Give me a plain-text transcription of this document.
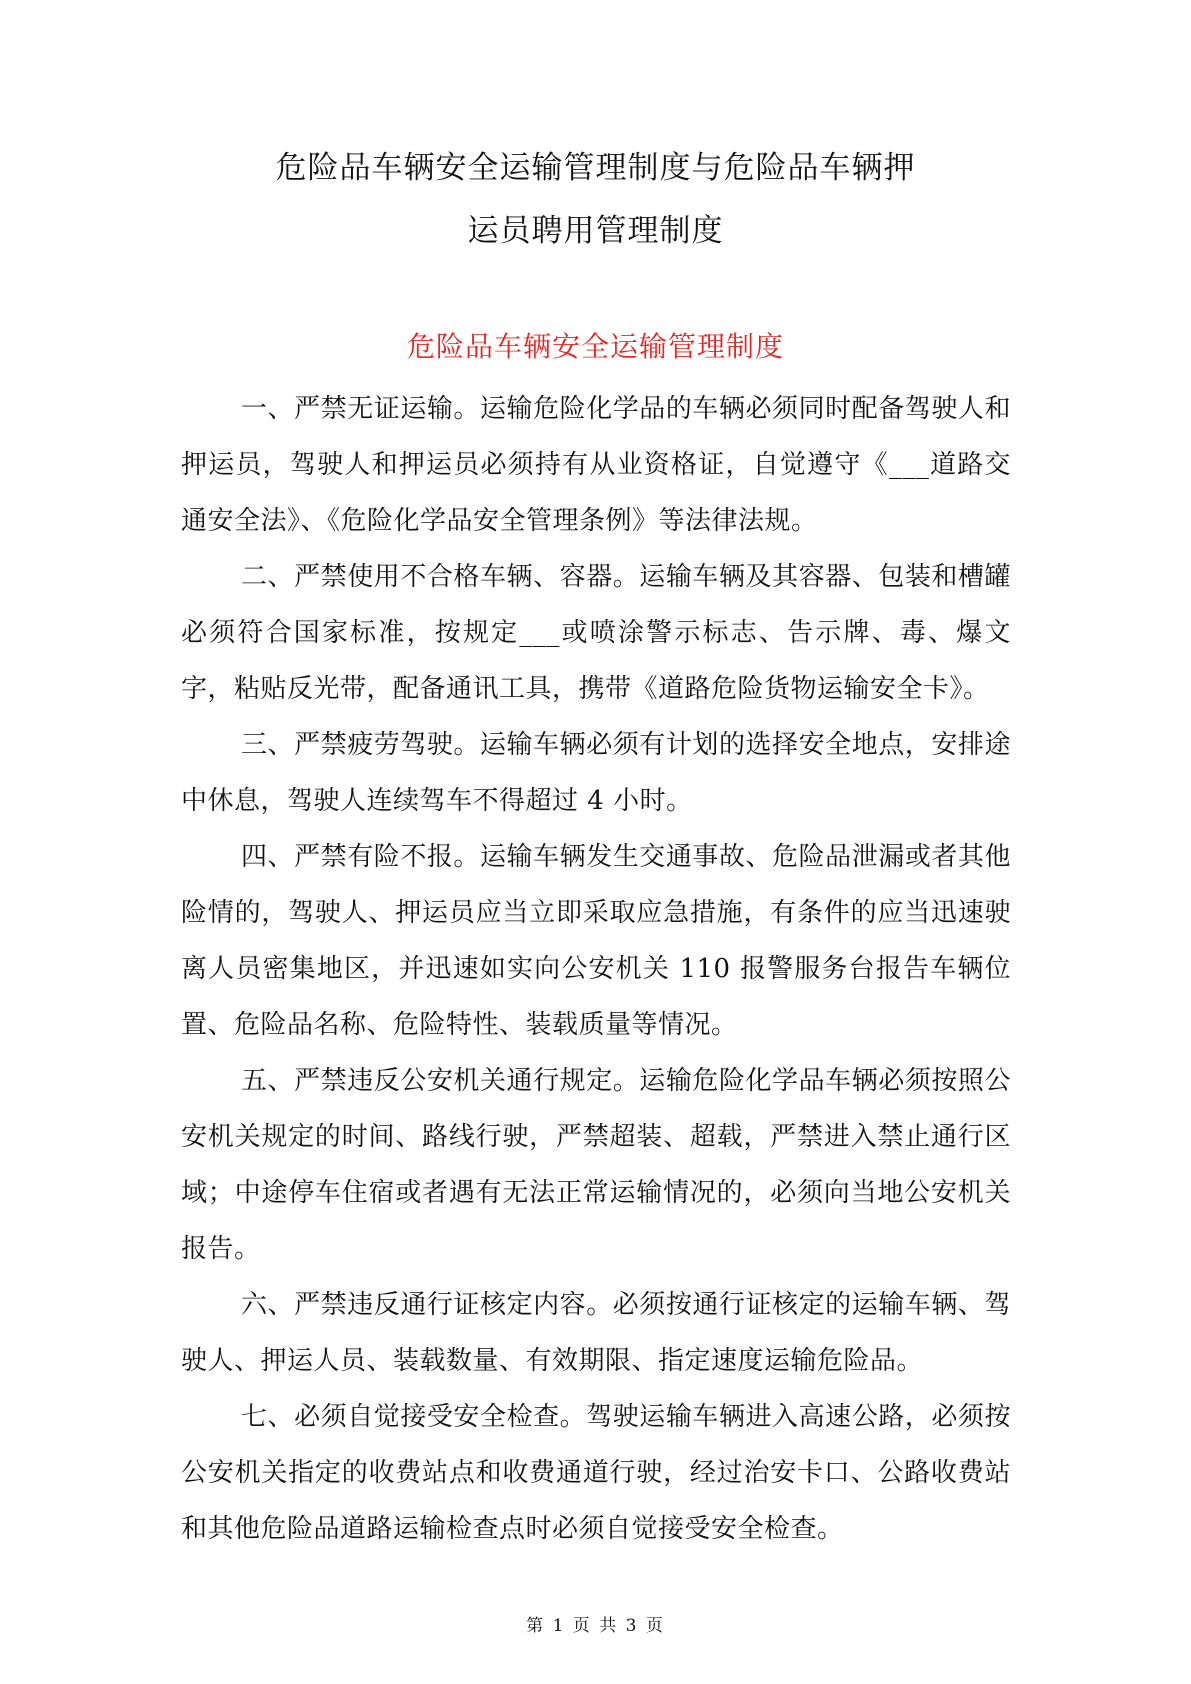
危险品车辆安全运输管理制度与危险品车辆押
运员聘用管理制度
危险品车辆安全运输管理制度

一、严禁无证运输。运输危险化学品的车辆必须同时配备驾驶人和押运员，驾驶人和押运员必须持有从业资格证，自觉遵守《___道路交通安全法》、《危险化学品安全管理条例》等法律法规。

二、严禁使用不合格车辆、容器。运输车辆及其容器、包装和槽罐必须符合国家标准，按规定___或喷涂警示标志、告示牌、毒、爆文字，粘贴反光带，配备通讯工具，携带《道路危险货物运输安全卡》。

三、严禁疲劳驾驶。运输车辆必须有计划的选择安全地点，安排途中休息，驾驶人连续驾车不得超过 4 小时。

四、严禁有险不报。运输车辆发生交通事故、危险品泄漏或者其他险情的，驾驶人、押运员应当立即采取应急措施，有条件的应当迅速驶离人员密集地区，并迅速如实向公安机关 110 报警服务台报告车辆位置、危险品名称、危险特性、装载质量等情况。

五、严禁违反公安机关通行规定。运输危险化学品车辆必须按照公安机关规定的时间、路线行驶，严禁超装、超载，严禁进入禁止通行区域；中途停车住宿或者遇有无法正常运输情况的，必须向当地公安机关报告。

六、严禁违反通行证核定内容。必须按通行证核定的运输车辆、驾驶人、押运人员、装载数量、有效期限、指定速度运输危险品。

七、必须自觉接受安全检查。驾驶运输车辆进入高速公路，必须按公安机关指定的收费站点和收费通道行驶，经过治安卡口、公路收费站和其他危险品道路运输检查点时必须自觉接受安全检查。

第 1 页 共 3 页
